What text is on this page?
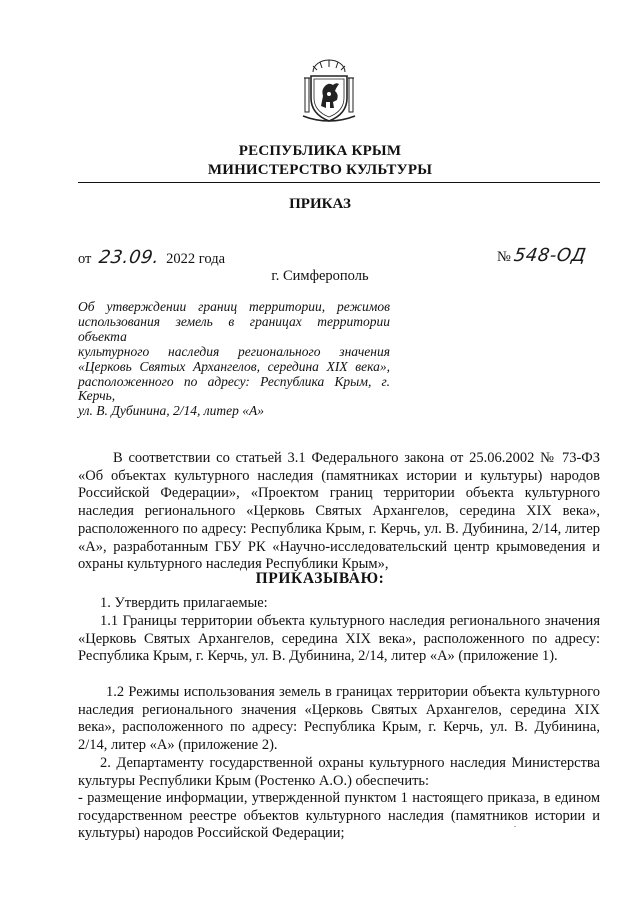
РЕСПУБЛИКА КРЫМ
МИНИСТЕРСТВО КУЛЬТУРЫ
ПРИКАЗ
от 23.09. 2022 года	№ 548-ОД
г. Симферополь
Об утверждении границ территории, режимов
использования земель в границах территории объекта
культурного наследия регионального значения
«Церковь Святых Архангелов, середина XIX века»,
расположенного по адресу: Республика Крым, г. Керчь,
ул. В. Дубинина, 2/14, литер «А»
В соответствии со статьей 3.1 Федерального закона от 25.06.2002 № 73-ФЗ «Об объектах культурного наследия (памятниках истории и культуры) народов Российской Федерации», «Проектом границ территории объекта культурного наследия регионального «Церковь Святых Архангелов, середина XIX века», расположенного по адресу: Республика Крым, г. Керчь, ул. В. Дубинина, 2/14, литер «А», разработанным ГБУ РК «Научно-исследовательский центр крымоведения и охраны культурного наследия Республики Крым»,
ПРИКАЗЫВАЮ:
1. Утвердить прилагаемые:
1.1 Границы территории объекта культурного наследия регионального значения «Церковь Святых Архангелов, середина XIX века», расположенного по адресу: Республика Крым, г. Керчь, ул. В. Дубинина, 2/14, литер «А» (приложение 1).
1.2 Режимы использования земель в границах территории объекта культурного наследия регионального значения «Церковь Святых Архангелов, середина XIX века», расположенного по адресу: Республика Крым, г. Керчь, ул. В. Дубинина, 2/14, литер «А» (приложение 2).
2. Департаменту государственной охраны культурного наследия Министерства культуры Республики Крым (Ростенко А.О.) обеспечить:
- размещение информации, утвержденной пунктом 1 настоящего приказа, в едином государственном реестре объектов культурного наследия (памятников истории и культуры) народов Российской Федерации;
